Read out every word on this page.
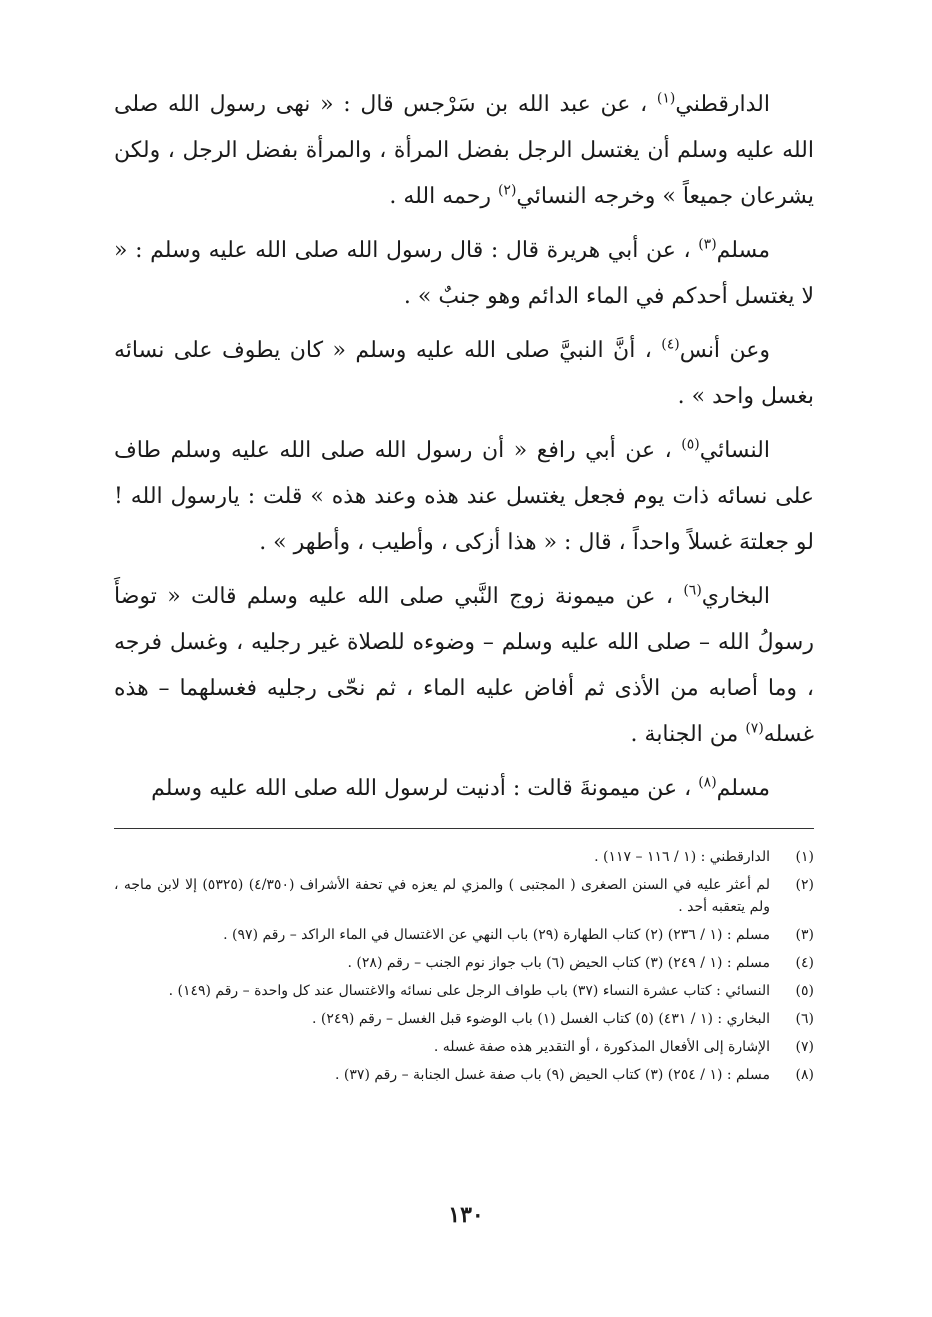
الدارقطني$^{(١)}$ ، عن عبد الله بن سَرْجس قال : « نهى رسول الله صلى الله عليه وسلم أن يغتسل الرجل بفضل المرأة ، والمرأة بفضل الرجل ، ولكن يشرعان جميعاً » وخرجه النسائي$^{(٢)}$ رحمه الله .

مسلم$^{(٣)}$ ، عن أبي هريرة قال : قال رسول الله صلى الله عليه وسلم : « لا يغتسل أحدكم في الماء الدائم وهو جنبٌ » .

وعن أنس$^{(٤)}$ ، أنَّ النبيَّ صلى الله عليه وسلم « كان يطوف على نسائه بغسل واحد » .

النسائي$^{(٥)}$ ، عن أبي رافع « أن رسول الله صلى الله عليه وسلم طاف على نسائه ذات يوم فجعل يغتسل عند هذه وعند هذه » قلت : يارسول الله ! لو جعلتهَ غسلاً واحداً ، قال : « هذا أزكى ، وأطيب ، وأطهر » .

البخاري$^{(٦)}$ ، عن ميمونة زوج النَّبي صلى الله عليه وسلم قالت « توضأَ رسولُ الله – صلى الله عليه وسلم – وضوءه للصلاة غير رجليه ، وغسل فرجه ، وما أصابه من الأذى ثم أفاض عليه الماء ، ثم نحّى رجليه فغسلهما – هذه غسله$^{(٧)}$ من الجنابة .

مسلم$^{(٨)}$ ، عن ميمونةَ قالت : أدنيت لرسول الله صلى الله عليه وسلم

(١)
الدارقطني : (١ / ١١٦ – ١١٧) .
(٢)
لم أعثر عليه في السنن الصغرى ( المجتبى ) والمزي لم يعزه في تحفة الأشراف (٤/٣٥٠) (٥٣٢٥) إلا لابن ماجه ، ولم يتعقبه أحد .
(٣)
مسلم : (١ / ٢٣٦) (٢) كتاب الطهارة (٢٩) باب النهي عن الاغتسال في الماء الراكد – رقم (٩٧) .
(٤)
مسلم : (١ / ٢٤٩) (٣) كتاب الحيض (٦) باب جواز نوم الجنب – رقم (٢٨) .
(٥)
النسائي : كتاب عشرة النساء (٣٧) باب طواف الرجل على نسائه والاغتسال عند كل واحدة – رقم (١٤٩) .
(٦)
البخاري : (١ / ٤٣١) (٥) كتاب الغسل (١) باب الوضوء قبل الغسل – رقم (٢٤٩) .
(٧)
الإشارة إلى الأفعال المذكورة ، أو التقدير هذه صفة غسله .
(٨)
مسلم : (١ / ٢٥٤) (٣) كتاب الحيض (٩) باب صفة غسل الجنابة – رقم (٣٧) .
١٣٠
